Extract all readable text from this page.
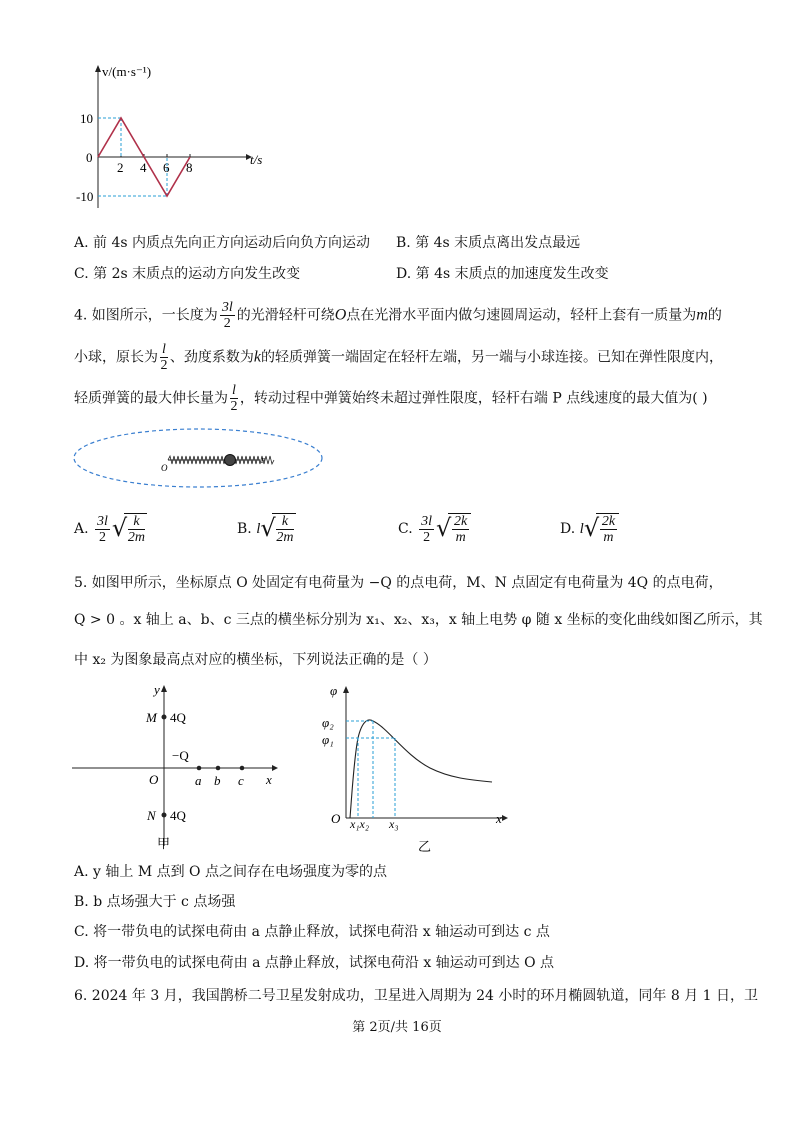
2 4 6 8
10
0
-10
v/(m·s⁻¹)
t/s
A. 前 4s 内质点先向正方向运动后向负方向运动 B. 第 4s 末质点离出发点最远
C. 第 2s 末质点的运动方向发生改变	D. 第 4s 末质点的加速度发生改变
4. 如图所示，一长度为 $\frac{3l}{2}$ 的光滑轻杆可绕O点在光滑水平面内做匀速圆周运动，轻杆上套有一质量为m的
小球，原长为 $\frac{l}{2}$ 、劲度系数为k的轻质弹簧一端固定在轻杆左端，另一端与小球连接。已知在弹性限度内，
轻质弹簧的最大伸长量为 $\frac{l}{2}$ ，转动过程中弹簧始终未超过弹性限度，轻杆右端 P 点线速度的最大值为( )
O
P
A. $\frac{3l}{2}$ √ $\frac{k}{2m}$	B. l √ $\frac{k}{2m}$	C. $\frac{3l}{2}$ √ $\frac{2k}{m}$	D. l √ $\frac{2k}{m}$
5. 如图甲所示，坐标原点 O 处固定有电荷量为 −Q 的点电荷，M、N 点固定有电荷量为 4Q 的点电荷，
Q > 0 。x 轴上 a、b、c 三点的横坐标分别为 x₁、x₂、x₃，x 轴上电势 φ 随 x 坐标的变化曲线如图乙所示，其
中 x₂ 为图象最高点对应的横坐标，下列说法正确的是（ ）
y
x
M 4Q
N 4Q
−Q
O	a b c
甲
φ
φ₂
φ₁
O x₁x₂ x₃	x
乙
A. y 轴上 M 点到 O 点之间存在电场强度为零的点
B. b 点场强大于 c 点场强
C. 将一带负电的试探电荷由 a 点静止释放，试探电荷沿 x 轴运动可到达 c 点
D. 将一带负电的试探电荷由 a 点静止释放，试探电荷沿 x 轴运动可到达 O 点
6. 2024 年 3 月，我国鹊桥二号卫星发射成功，卫星进入周期为 24 小时的环月椭圆轨道，同年 8 月 1 日，卫
第 2页/共 16页
